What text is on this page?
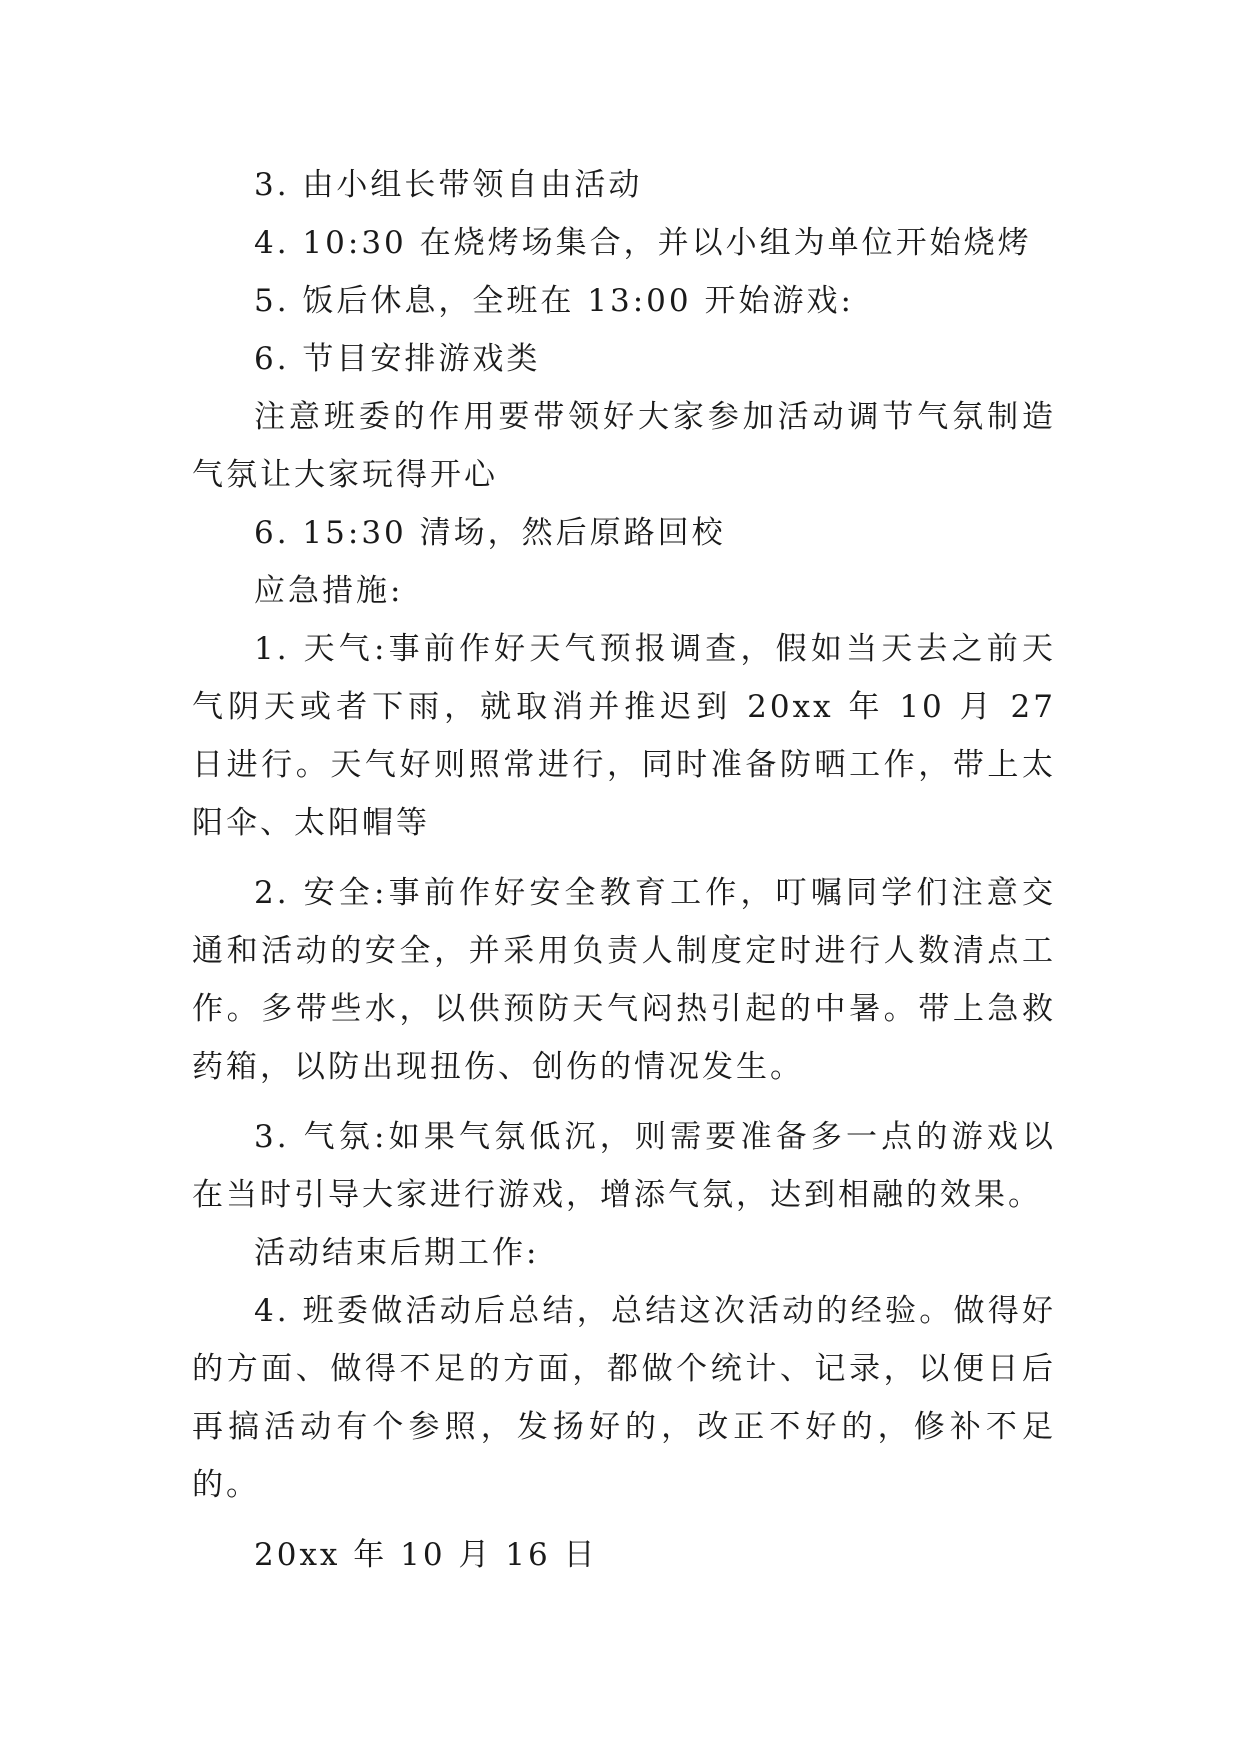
3. 由小组长带领自由活动

4. 10:30 在烧烤场集合，并以小组为单位开始烧烤

5. 饭后休息，全班在 13:00 开始游戏:

6. 节目安排游戏类

注意班委的作用要带领好大家参加活动调节气氛制造气氛让大家玩得开心

6. 15:30 清场，然后原路回校

应急措施:

1. 天气:事前作好天气预报调查，假如当天去之前天气阴天或者下雨，就取消并推迟到 20xx 年 10 月 27 日进行。天气好则照常进行，同时准备防晒工作，带上太阳伞、太阳帽等

2. 安全:事前作好安全教育工作，叮嘱同学们注意交通和活动的安全，并采用负责人制度定时进行人数清点工作。多带些水，以供预防天气闷热引起的中暑。带上急救药箱，以防出现扭伤、创伤的情况发生。

3. 气氛:如果气氛低沉，则需要准备多一点的游戏以在当时引导大家进行游戏，增添气氛，达到相融的效果。

活动结束后期工作:

4. 班委做活动后总结，总结这次活动的经验。做得好的方面、做得不足的方面，都做个统计、记录，以便日后再搞活动有个参照，发扬好的，改正不好的，修补不足的。

20xx 年 10 月 16 日
